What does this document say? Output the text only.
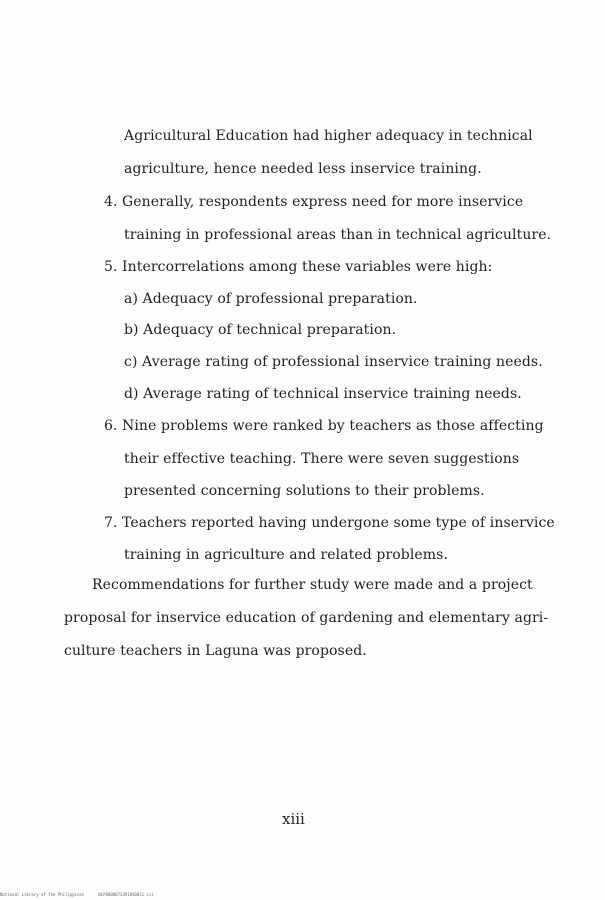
Agricultural Education had higher adequacy in technical
agriculture, hence needed less inservice training.
4. Generally, respondents express need for more inservice
training in professional areas than in technical agriculture.
5. Intercorrelations among these variables were high:
a) Adequacy of professional preparation.
b) Adequacy of technical preparation.
c) Average rating of professional inservice training needs.
d) Average rating of technical inservice training needs.
6. Nine problems were ranked by teachers as those affecting
their effective teaching. There were seven suggestions
presented concerning solutions to their problems.
7. Teachers reported having undergone some type of inservice
training in agriculture and related problems.
Recommendations for further study were made and a project
proposal for inservice education of gardening and elementary agri-
culture teachers in Laguna was proposed.
xiii
National Library of the Philippines	NLP0000073391840011 iii
